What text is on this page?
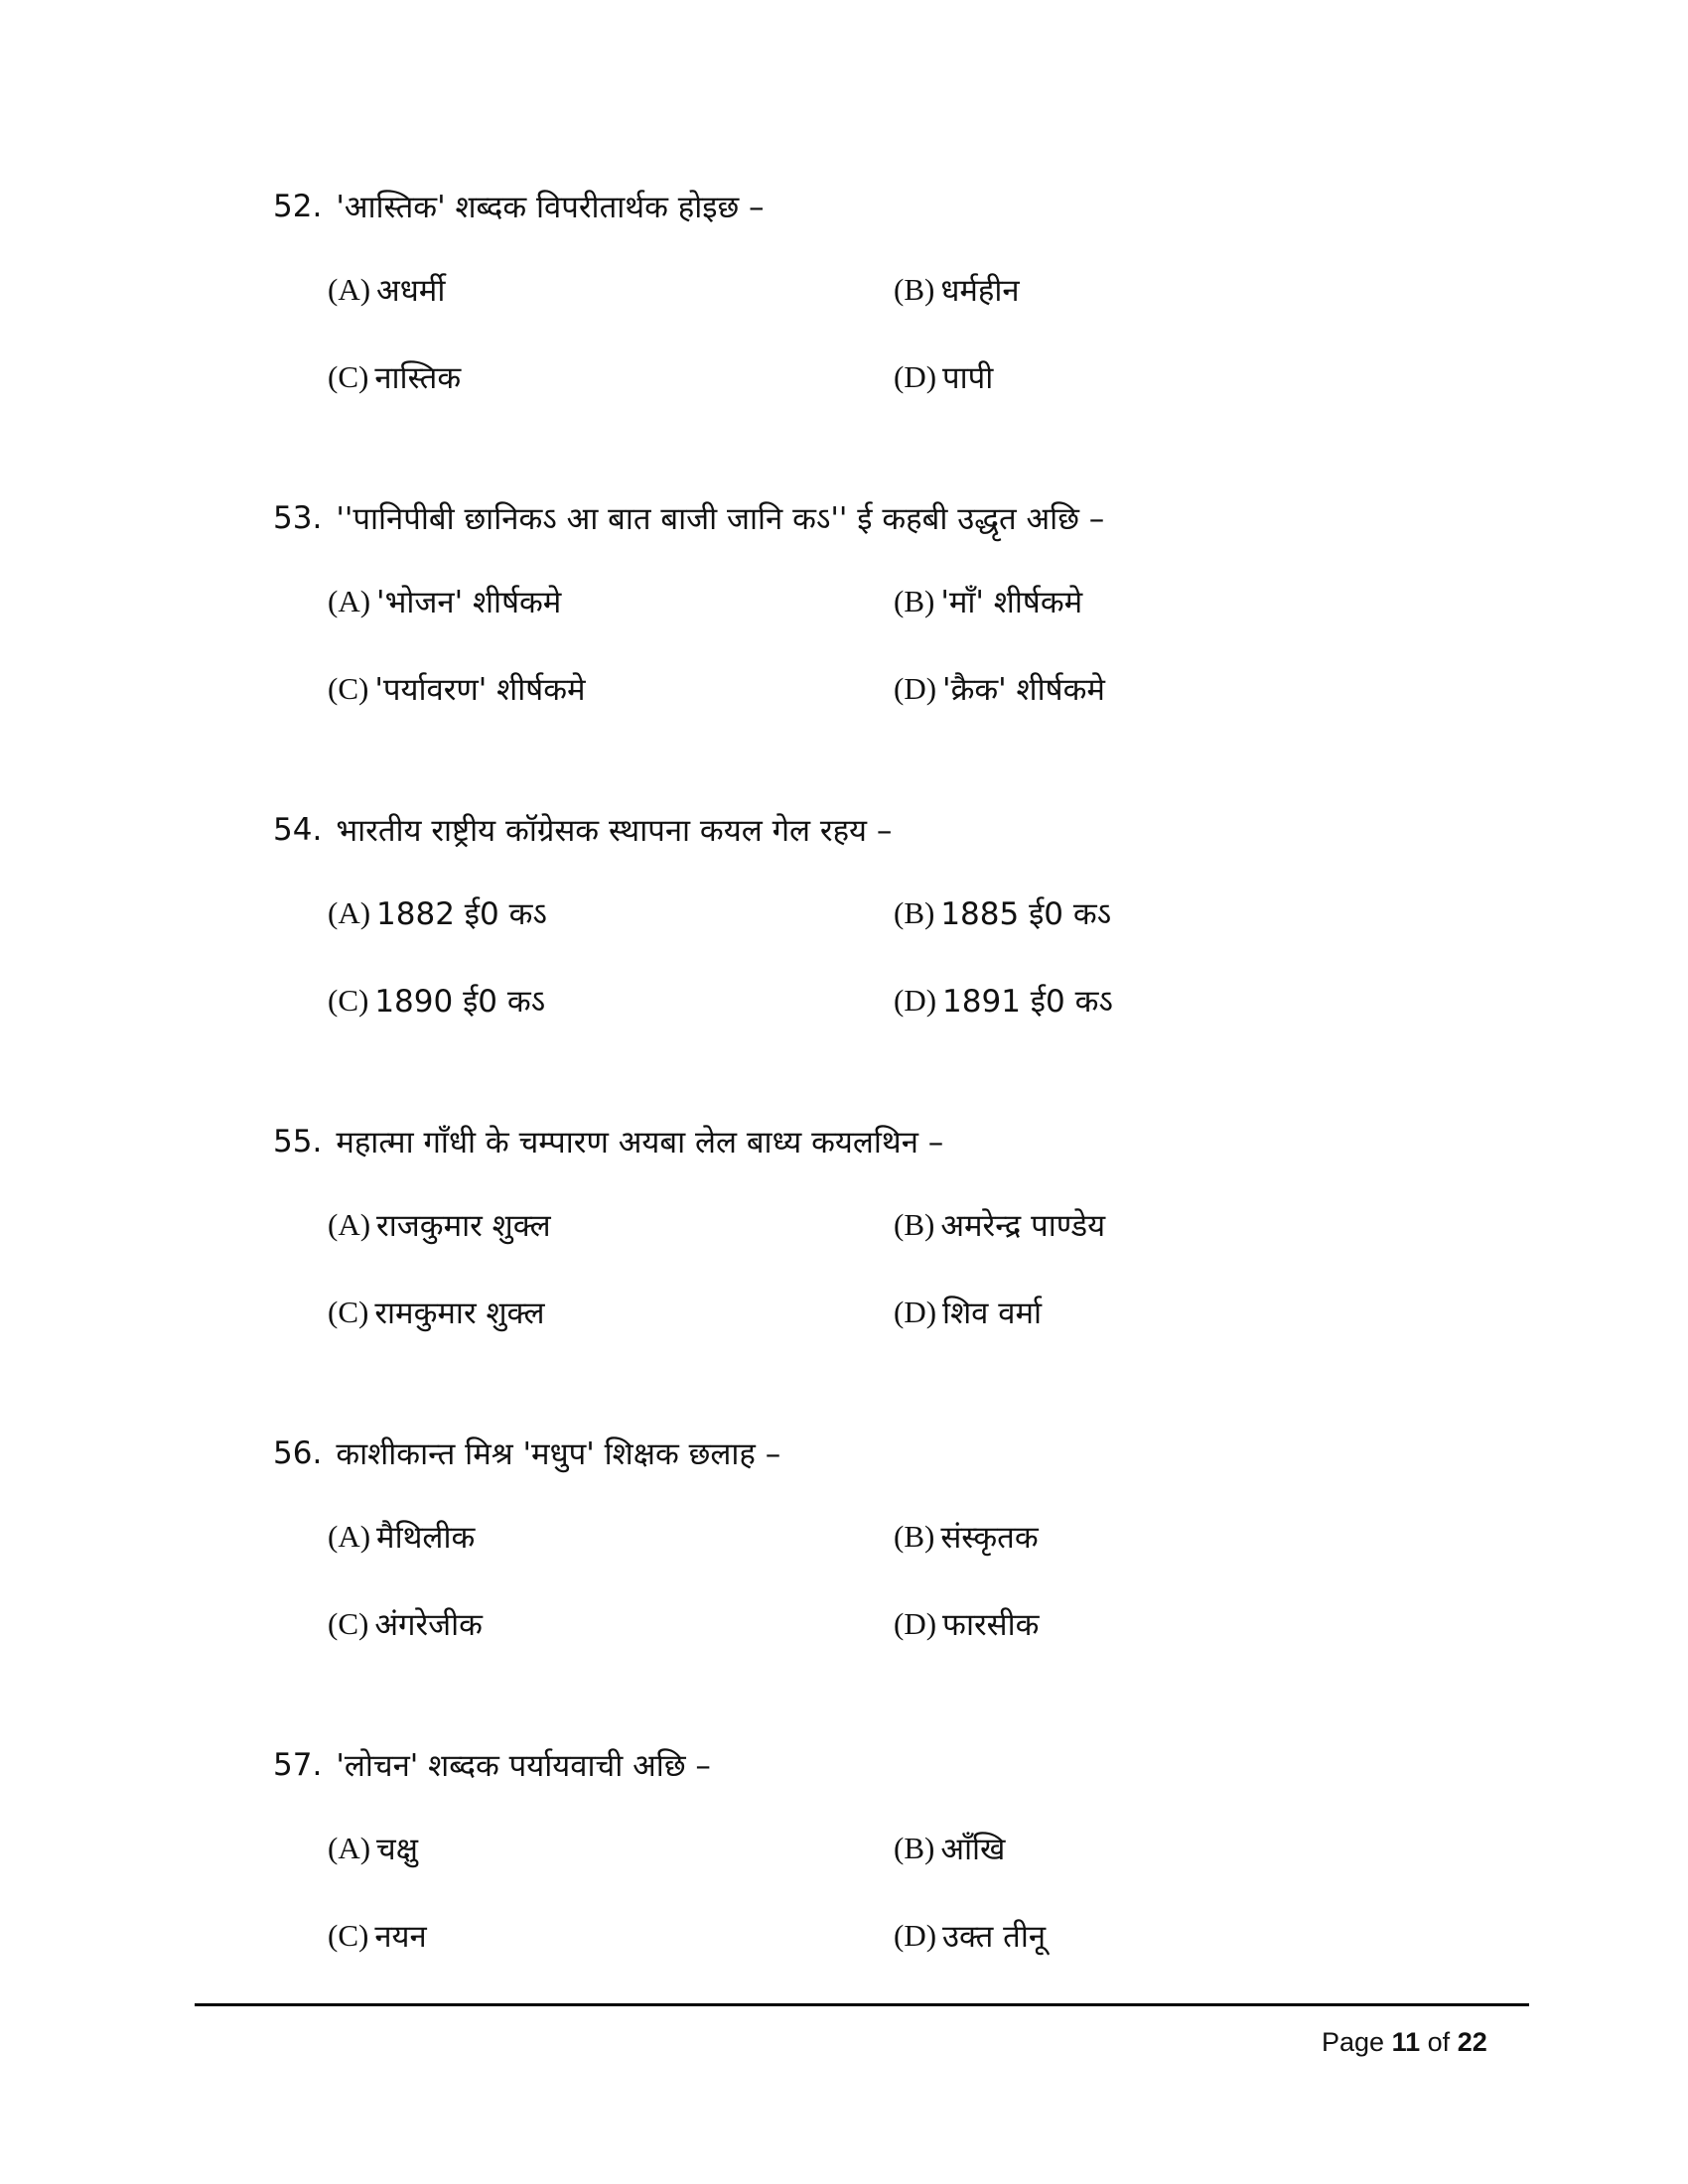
52. 'आस्तिक' शब्दक विपरीतार्थक होइछ –
(A) अधर्मी	(B) धर्महीन
(C) नास्तिक	(D) पापी
53. ''पानिपीबी छानिकऽ आ बात बाजी जानि कऽ'' ई कहबी उद्धृत अछि –
(A) 'भोजन' शीर्षकमे	(B) 'माँ' शीर्षकमे
(C) 'पर्यावरण' शीर्षकमे	(D) 'क्रैक' शीर्षकमे
54. भारतीय राष्ट्रीय कॉग्रेसक स्थापना कयल गेल रहय –
(A) 1882 ई0 कऽ	(B) 1885 ई0 कऽ
(C) 1890 ई0 कऽ	(D) 1891 ई0 कऽ
55. महात्मा गाँधी के चम्पारण अयबा लेल बाध्य कयलथिन –
(A) राजकुमार शुक्ल	(B) अमरेन्द्र पाण्डेय
(C) रामकुमार शुक्ल	(D) शिव वर्मा
56. काशीकान्त मिश्र 'मधुप' शिक्षक छलाह –
(A) मैथिलीक	(B) संस्कृतक
(C) अंगरेजीक	(D) फारसीक
57. 'लोचन' शब्दक पर्यायवाची अछि –
(A) चक्षु	(B) आँखि
(C) नयन	(D) उक्त तीनू
Page 11 of 22
